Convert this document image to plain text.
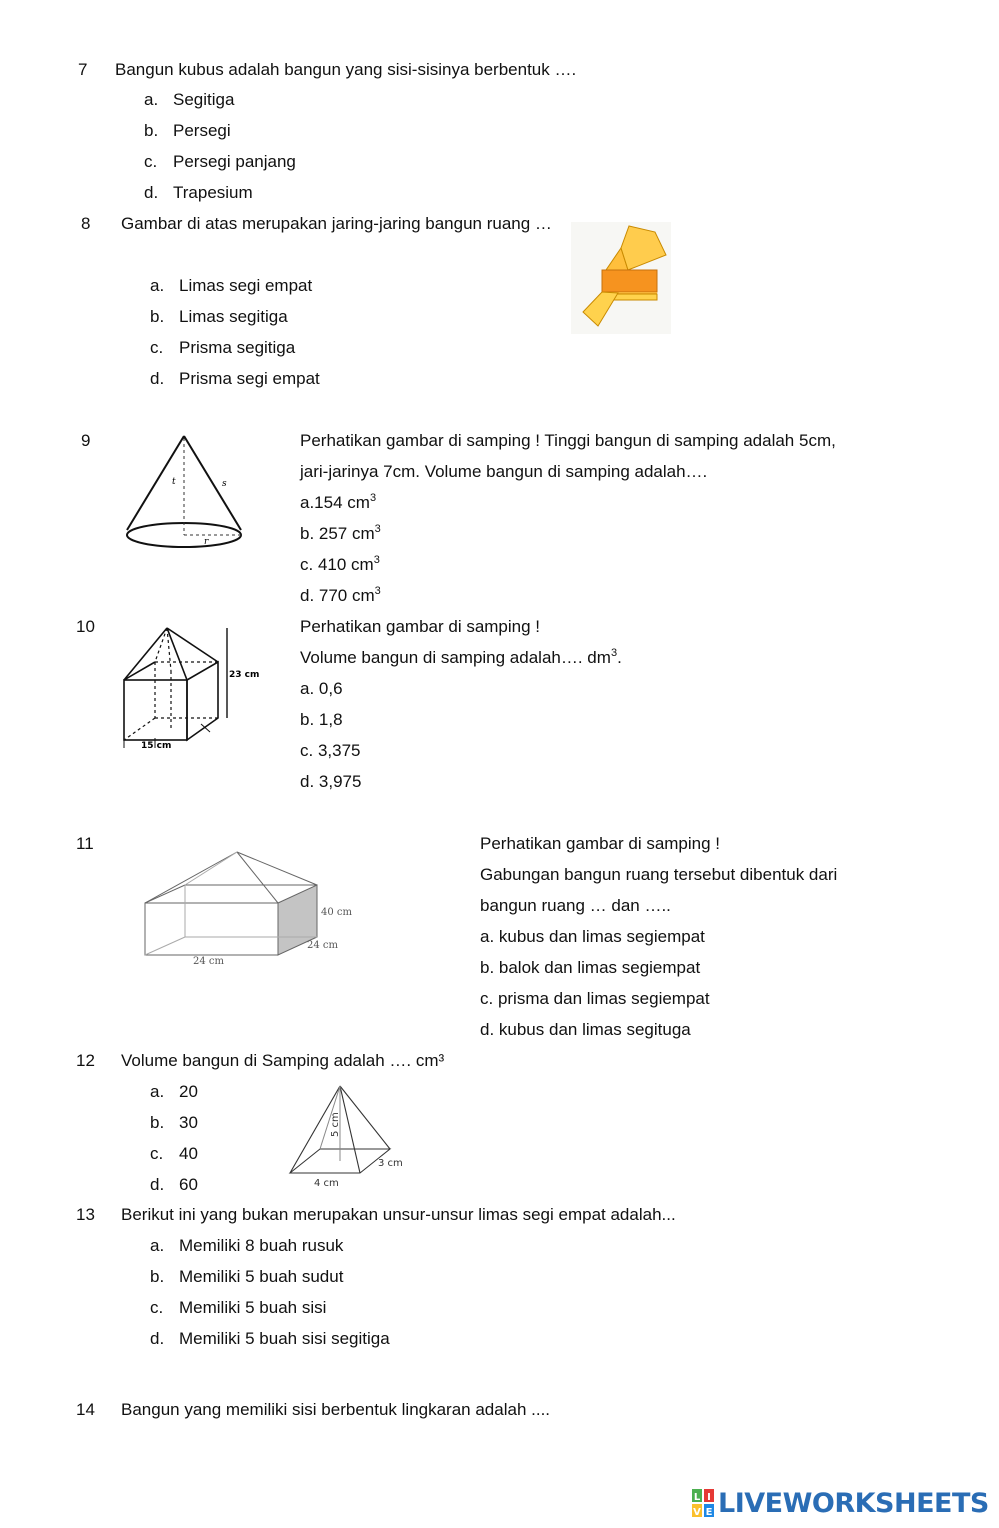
7 Bangun kubus adalah bangun yang sisi-sisinya berbentuk ….
a. Segitiga
b. Persegi
c. Persegi panjang
d. Trapesium
8 Gambar di atas merupakan jaring-jaring bangun ruang …
a. Limas segi empat
b. Limas segitiga
c. Prisma segitiga
d. Prisma segi empat
9	Perhatikan gambar di samping ! Tinggi bangun di samping adalah 5cm,
jari-jarinya 7cm. Volume bangun di samping adalah….
a.154 $cm^3$
b. 257 $cm^3$
c. 410 $cm^3$
d. 770 $cm^3$
t	s
r
10	Perhatikan gambar di samping !
Volume bangun di samping adalah…. $dm^3$.
a. 0,6
b. 1,8
c. 3,375
d. 3,975
23 cm
15 cm
11	Perhatikan gambar di samping !
Gabungan bangun ruang tersebut dibentuk dari
bangun ruang … dan …..
a. kubus dan limas segiempat
b. balok dan limas segiempat
c. prisma dan limas segiempat
d. kubus dan limas segituga
40 cm
24 cm
24 cm
12 Volume bangun di Samping adalah …. cm³
a. 20
b. 30
c. 40
d. 60
5 cm
3 cm
4 cm
13 Berikut ini yang bukan merupakan unsur-unsur limas segi empat adalah...
a. Memiliki 8 buah rusuk
b. Memiliki 5 buah sudut
c. Memiliki 5 buah sisi
d. Memiliki 5 buah sisi segitiga
14 Bangun yang memiliki sisi berbentuk lingkaran adalah ....
L I
V E LIVEWORKSHEETS
